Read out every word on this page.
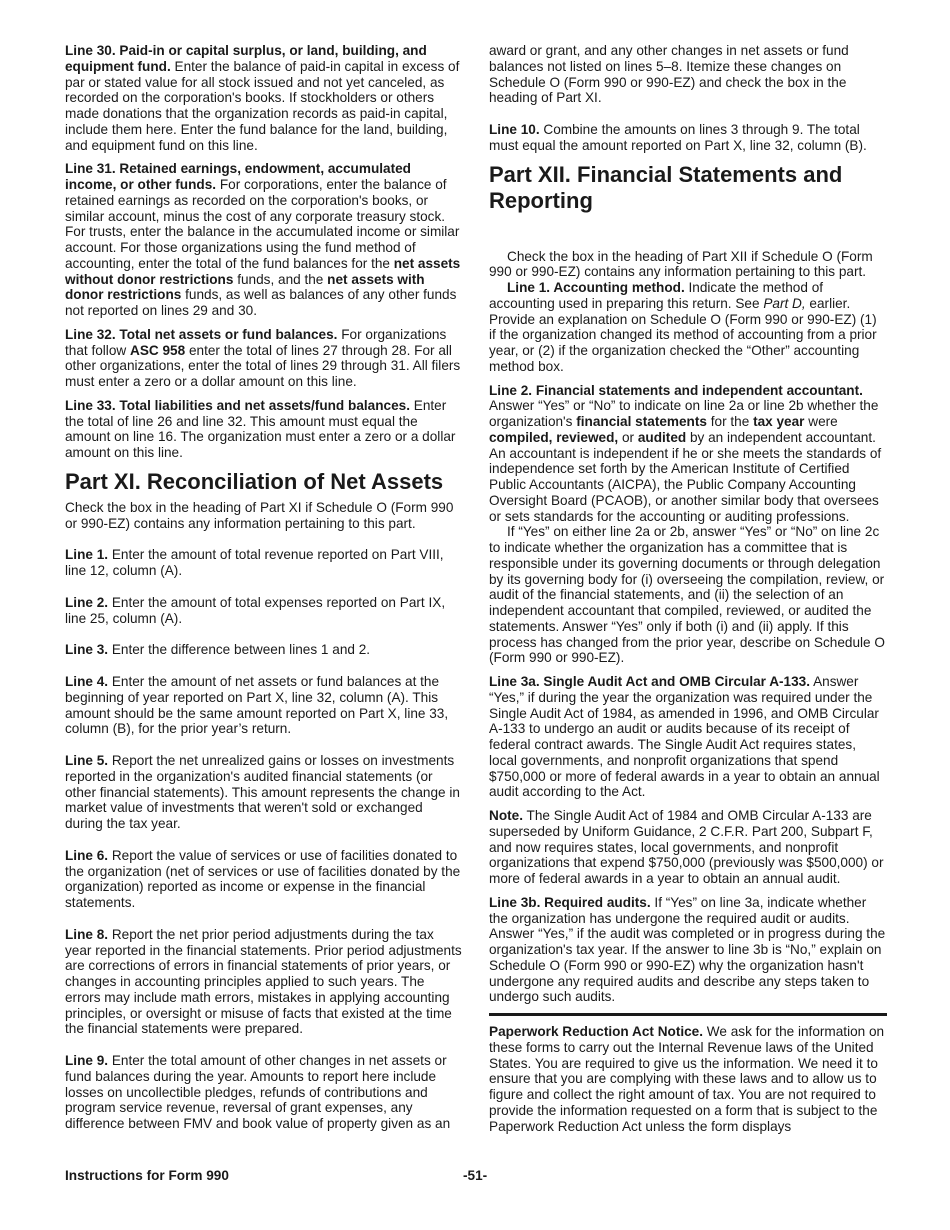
Line 30. Paid-in or capital surplus, or land, building, and equipment fund. Enter the balance of paid-in capital in excess of par or stated value for all stock issued and not yet canceled, as recorded on the corporation's books. If stockholders or others made donations that the organization records as paid-in capital, include them here. Enter the fund balance for the land, building, and equipment fund on this line.

Line 31. Retained earnings, endowment, accumulated income, or other funds. For corporations, enter the balance of retained earnings as recorded on the corporation's books, or similar account, minus the cost of any corporate treasury stock. For trusts, enter the balance in the accumulated income or similar account. For those organizations using the fund method of accounting, enter the total of the fund balances for the net assets without donor restrictions funds, and the net assets with donor restrictions funds, as well as balances of any other funds not reported on lines 29 and 30.

Line 32. Total net assets or fund balances. For organizations that follow ASC 958 enter the total of lines 27 through 28. For all other organizations, enter the total of lines 29 through 31. All filers must enter a zero or a dollar amount on this line.

Line 33. Total liabilities and net assets/fund balances. Enter the total of line 26 and line 32. This amount must equal the amount on line 16. The organization must enter a zero or a dollar amount on this line.

Part XI. Reconciliation of Net Assets

Check the box in the heading of Part XI if Schedule O (Form 990 or 990-EZ) contains any information pertaining to this part.

Line 1. Enter the amount of total revenue reported on Part VIII, line 12, column (A).

Line 2. Enter the amount of total expenses reported on Part IX, line 25, column (A).

Line 3. Enter the difference between lines 1 and 2.

Line 4. Enter the amount of net assets or fund balances at the beginning of year reported on Part X, line 32, column (A). This amount should be the same amount reported on Part X, line 33, column (B), for the prior year’s return.

Line 5. Report the net unrealized gains or losses on investments reported in the organization's audited financial statements (or other financial statements). This amount represents the change in market value of investments that weren't sold or exchanged during the tax year.

Line 6. Report the value of services or use of facilities donated to the organization (net of services or use of facilities donated by the organization) reported as income or expense in the financial statements.

Line 8. Report the net prior period adjustments during the tax year reported in the financial statements. Prior period adjustments are corrections of errors in financial statements of prior years, or changes in accounting principles applied to such years. The errors may include math errors, mistakes in applying accounting principles, or oversight or misuse of facts that existed at the time the financial statements were prepared.

Line 9. Enter the total amount of other changes in net assets or fund balances during the year. Amounts to report here include losses on uncollectible pledges, refunds of contributions and program service revenue, reversal of grant expenses, any difference between FMV and book value of property given as an

award or grant, and any other changes in net assets or fund balances not listed on lines 5–8. Itemize these changes on Schedule O (Form 990 or 990-EZ) and check the box in the heading of Part XI.

Line 10. Combine the amounts on lines 3 through 9. The total must equal the amount reported on Part X, line 32, column (B).

Part XII. Financial Statements and Reporting

Check the box in the heading of Part XII if Schedule O (Form 990 or 990-EZ) contains any information pertaining to this part.

Line 1. Accounting method. Indicate the method of accounting used in preparing this return. See Part D, earlier. Provide an explanation on Schedule O (Form 990 or 990-EZ) (1) if the organization changed its method of accounting from a prior year, or (2) if the organization checked the “Other” accounting method box.

Line 2. Financial statements and independent accountant. Answer “Yes” or “No” to indicate on line 2a or line 2b whether the organization's financial statements for the tax year were compiled, reviewed, or audited by an independent accountant. An accountant is independent if he or she meets the standards of independence set forth by the American Institute of Certified Public Accountants (AICPA), the Public Company Accounting Oversight Board (PCAOB), or another similar body that oversees or sets standards for the accounting or auditing professions.

If “Yes” on either line 2a or 2b, answer “Yes” or “No” on line 2c to indicate whether the organization has a committee that is responsible under its governing documents or through delegation by its governing body for (i) overseeing the compilation, review, or audit of the financial statements, and (ii) the selection of an independent accountant that compiled, reviewed, or audited the statements. Answer “Yes” only if both (i) and (ii) apply. If this process has changed from the prior year, describe on Schedule O (Form 990 or 990-EZ).

Line 3a. Single Audit Act and OMB Circular A-133. Answer “Yes,” if during the year the organization was required under the Single Audit Act of 1984, as amended in 1996, and OMB Circular A-133 to undergo an audit or audits because of its receipt of federal contract awards. The Single Audit Act requires states, local governments, and nonprofit organizations that spend $750,000 or more of federal awards in a year to obtain an annual audit according to the Act.

Note. The Single Audit Act of 1984 and OMB Circular A-133 are superseded by Uniform Guidance, 2 C.F.R. Part 200, Subpart F, and now requires states, local governments, and nonprofit organizations that expend $750,000 (previously was $500,000) or more of federal awards in a year to obtain an annual audit.

Line 3b. Required audits. If “Yes” on line 3a, indicate whether the organization has undergone the required audit or audits. Answer “Yes,” if the audit was completed or in progress during the organization's tax year. If the answer to line 3b is “No,” explain on Schedule O (Form 990 or 990-EZ) why the organization hasn't undergone any required audits and describe any steps taken to undergo such audits.

Paperwork Reduction Act Notice. We ask for the information on these forms to carry out the Internal Revenue laws of the United States. You are required to give us the information. We need it to ensure that you are complying with these laws and to allow us to figure and collect the right amount of tax. You are not required to provide the information requested on a form that is subject to the Paperwork Reduction Act unless the form displays

Instructions for Form 990	-51-
